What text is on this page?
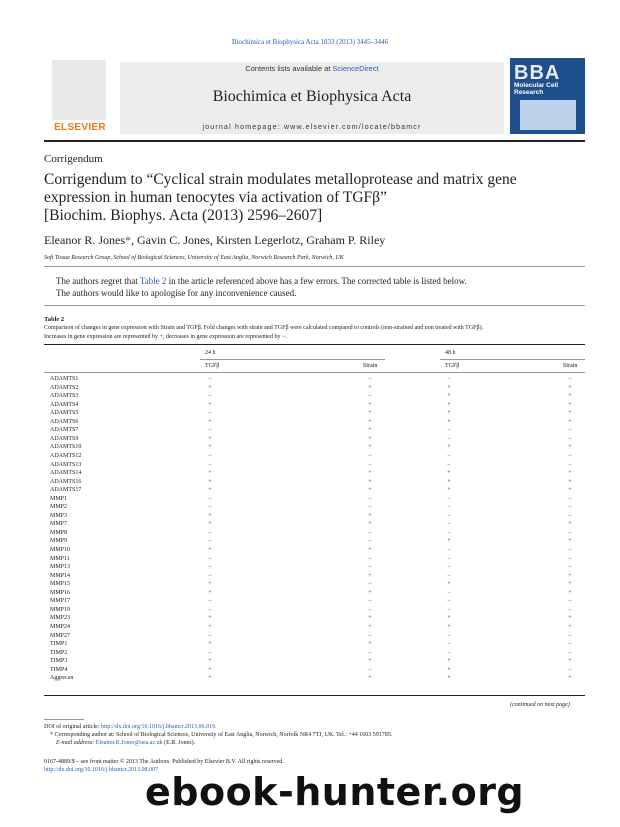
Biochimica et Biophysica Acta 1833 (2013) 3445–3446
ELSEVIER
Contents lists available at ScienceDirect
Biochimica et Biophysica Acta
journal homepage: www.elsevier.com/locate/bbamcr
BBA
Molecular Cell Research
Corrigendum
Corrigendum to “Cyclical strain modulates metalloprotease and matrix gene
expression in human tenocytes via activation of TGFβ”
[Biochim. Biophys. Acta (2013) 2596–2607]
Eleanor R. Jones*, Gavin C. Jones, Kirsten Legerlotz, Graham P. Riley
Soft Tissue Research Group, School of Biological Sciences, University of East Anglia, Norwich Research Park, Norwich, UK
The authors regret that Table 2 in the article referenced above has a few errors. The corrected table is listed below.
The authors would like to apologise for any inconvenience caused.
Table 2
Comparison of changes in gene expression with Strain and TGFβ. Fold changes with strain and TGFβ were calculated compared to controls (non-strained and non treated with TGFβ).
Increases in gene expression are represented by +, decreases in gene expression are represented by −.
24 h	48 h

TGFβ	Strain	TGFβ	Strain
ADAMTS1	−	−	−	−
ADAMTS2	+	+	+	+
ADAMTS3	−	−	+	+
ADAMTS4	+	+	+	+
ADAMTS5	−	+	+	+
ADAMTS6	+	+	+	+
ADAMTS7	−	+	−	−
ADAMTS9	+	+	−	−
ADAMTS10	+	+	+	+
ADAMTS12	−	−	−	−
ADAMTS13	−	−	−	−
ADAMTS14	+	+	+	+
ADAMTS16	+	+	+	+
ADAMTS17	+	+	+	+
MMP1	−	−	−	−
MMP2	−	−	−	−
MMP3	+	+	−	−
MMP7	+	+	−	+
MMP8	−	−	−	−
MMP9	−	−	+	+
MMP10	+	+	−	−
MMP11	−	−	−	−
MMP13	−	−	−	−
MMP14	−	+	−	+
MMP15	+	−	+	+
MMP16	+	+	−	+
MMP17	−	−	−	−
MMP19	−	−	−	−
MMP23	+	+	+	+
MMP24	+	+	+	+
MMP27	−	−	−	−
TIMP1	+	+	−	−
TIMP2	−	−	−	−
TIMP3	+	+	+	+
TIMP4	+	−	+	−
Aggrecan	+	+	+	+
(continued on next page)
DOI of original article: http://dx.doi.org/10.1016/j.bbamcr.2013.06.019.
* Corresponding author at: School of Biological Sciences, University of East Anglia, Norwich, Norfolk NR4 7TJ, UK. Tel.: +44 1603 591785.
E-mail address: Eleanor.R.Jones@uea.ac.uk (E.R. Jones).
0167-4889/$ – see front matter © 2013 The Authors. Published by Elsevier B.V. All rights reserved.
http://dx.doi.org/10.1016/j.bbamcr.2013.08.007
ebook-hunter.org
